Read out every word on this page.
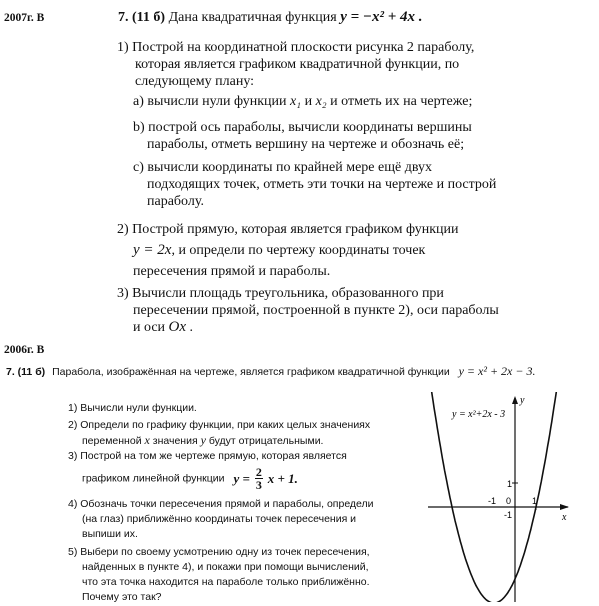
2007г. В	7. (11 б) Дана квадратичная функция y = −x² + 4x .
1) Построй на координатной плоскости рисунка 2 параболу,
которая является графиком квадратичной функции, по
следующему плану:
a) вычисли нули функции x₁ и x₂ и отметь их на чертеже;
b) построй ось параболы, вычисли координаты вершины
параболы, отметь вершину на чертеже и обозначь её;
c) вычисли координаты по крайней мере ещё двух
подходящих точек, отметь эти точки на чертеже и построй
параболу.
2) Построй прямую, которая является графиком функции
y = 2x, и определи по чертежу координаты точек
пересечения прямой и параболы.
3) Вычисли площадь треугольника, образованного при
пересечении прямой, построенной в пункте 2), оси параболы
и оси Ox .
2006г. В
7. (11 б) Парабола, изображённая на чертеже, является графиком квадратичной функции y = x² + 2x − 3.
1) Вычисли нули функции.
2) Определи по графику функции, при каких целых значениях
переменной x значения y будут отрицательными.
3) Построй на том же чертеже прямую, которая является
графиком линейной функции $y = \frac{2}{3}$ x + 1.
4) Обозначь точки пересечения прямой и параболы, определи
(на глаз) приближённо координаты точек пересечения и
выпиши их.
5) Выбери по своему усмотрению одну из точек пересечения,
найденных в пункте 4), и покажи при помощи вычислений,
что эта точка находится на параболе только приближённо.
Почему это так?
y = x²+2x - 3
y
x
1
-1 0
-1
1
